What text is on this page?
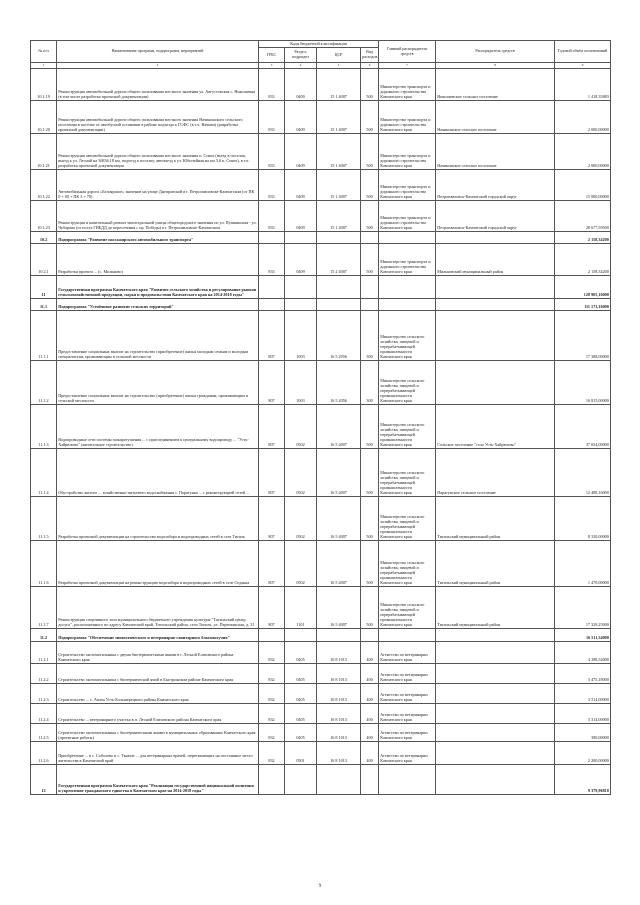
№ п/п	Наименование программ, подпрограмм, мероприятий	Коды бюджетной классификации				Главный распорядитель средств	Распорядитель средств	Годовой объём ассигнований
		ГРБС	Раздел, подраздел	ЦСР	Вид расходов			
1	2	3	4	5	6	7	8	9
10.1.19	Реконструкция автомобильной дороги общего пользования местного значения ул. Августовская с. Николаевка (в том числе разработка проектной документации)	833	0409	15 1 4007	500	Министерство транспорта и дорожного строительства Камчатского края	Николаевское сельское поселение	1 418,35883
10.1.20	Реконструкция автомобильной дороги общего пользования местного значения Начикинского сельского поселения в посёлке от автобусной остановки в районе подъезда к ГСФС (в т.ч. Начики) (разработка проектной документации)	833	0409	15 1 4007	500	Министерство транспорта и дорожного строительства Камчатского края	Начикинское сельское поселение	2 000,00000
10.1.21	Реконструкция автомобильной дороги общего пользования местного значения п. Сокоч (въезд в поселок, выезд к ул. Лесной на 36836,18 км, подъезд к поселку, автозаезд к ул. Юбилейная на км 3,6 п. Сокоч), в т.ч. разработка проектной документации	833	0409	15 1 4007	500	Министерство транспорта и дорожного строительства Камчатского края	Начикинское сельское поселение	2 000,00000
10.1.22	Автомобильная дорога «Белоярское» значение на улице Днепровской в г. Петропавловске-Камчатском (от ПК 0 + 00 + ПК 3 + 70)	833	0409	15 1 4007	500	Министерство транспорта и дорожного строительства Камчатского края	Петропавловск-Камчатский городской округ	15 000,00000
10.1.23	Реконструкция и капитальный ремонт магистральной улицы общегородского значения по ул. Пушкинская - ул. Чубарова (от поста ГИБДД до пересечения с пр. Победы) в г. Петропавловске-Камчатском	833	0409	15 1 4007	500	Министерство транспорта и дорожного строительства Камчатского края	Петропавловск-Камчатский городской округ	28 677,59500
10.2	Подпрограмма "Развитие пассажирского автомобильного транспорта"							2 158,34200
10.2.1	Разработка проекта ... (с. Мильково)	833	0409	15 2 4007	500	Министерство транспорта и дорожного строительства Камчатского края	Мильковский муниципальный район	2 158,34200
11	Государственная программа Камчатского края "Развитие сельского хозяйства и регулирование рынков сельскохозяйственной продукции, сырья и продовольствия Камчатского края на 2014-2018 годы"							128 905,16000
11.1	Подпрограмма "Устойчивое развитие сельских территорий"							111 173,16000
11.1.1	Предоставление социальных выплат на строительство (приобретение) жилья молодым семьям и молодым специалистам, проживающим в сельской местности	807	1003	16 5 2056	300	Министерство сельского хозяйства, пищевой и перерабатывающей промышленности Камчатского края		17 388,00000
11.1.2	Предоставление социальных выплат на строительство (приобретение) жилья гражданам, проживающим в сельской местности	807	1003	16 5 2056	300	Министерство сельского хозяйства, пищевой и перерабатывающей промышленности Камчатского края		16 815,00000
11.1.3	Водопроводные сети системы пожаротушения ... с присоединением к центральному водопроводу ... "Усть-Хайрюзово" (капитальное строительство)	807	0502	16 5 4007	500	Министерство сельского хозяйства, пищевой и перерабатывающей промышленности Камчатского края	Сельское поселение "село Усть-Хайрюзово"	37 654,00000
11.1.4	Обустройство жилого ... хозяйственно-питьевого водоснабжения с. Паратунка ... с реконструкцией сетей ...	807	0502	16 5 4007	500	Министерство сельского хозяйства, пищевой и перерабатывающей промышленности Камчатского края	Паратунское сельское поселение	12 488,16000
11.1.5	Разработка проектной документации на строительство водозабора и водопроводных сетей в селе Тигиль	807	0502	16 5 4007	500	Министерство сельского хозяйства, пищевой и перерабатывающей промышленности Камчатского края	Тигильский муниципальный район	8 330,00000
11.1.6	Разработка проектной документации на реконструкцию водозабора и водопроводных сетей в селе Седанка	807	0502	16 5 4007	500	Министерство сельского хозяйства, пищевой и перерабатывающей промышленности Камчатского края	Тигильский муниципальный район	1 470,00000
11.1.7	Реконструкция спортивного зала муниципального бюджетного учреждения культуры "Тигильский центр досуга", расположенного по адресу Камчатский край, Тигильский район, село Тигиль, ул. Партизанская, д. 31	807	1101	16 5 4007	500	Министерство сельского хозяйства, пищевой и перерабатывающей промышленности Камчатского края	Тигильский муниципальный район	17 329,25000
11.2	Подпрограмма "Обеспечение эпизоотического и ветеринарно-санитарного благополучия"							16 511,34000
11.2.1	Строительство скотомогильника с двумя биотермическими ямами в г. Лесной Елизовского района Камчатского края	832	0405	16 8 1013	400	Агентство по ветеринарии Камчатского края		4 398,54000
11.2.2	Строительство скотомогильника с биотермической ямой в Быстринском районе Камчатского края	832	0405	16 8 1013	400	Агентство по ветеринарии Камчатского края		3 475,18000
11.2.3	Строительство ... с. Апача Усть-Большерецкого района Камчатского края	832	0405	16 8 1013	400	Агентство по ветеринарии Камчатского края		3 514,00000
11.2.4	Строительство ... ветеринарного участка в п. Лесной Елизовского района Камчатского края	832	0405	16 8 1013	400	Агентство по ветеринарии Камчатского края		3 314,00000
11.2.5	Строительство скотомогильника с биотермическими ямами в муниципальных образованиях Камчатского края (проектные работы)	832	0405	16 8 1013	400	Агентство по ветеринарии Камчатского края		390,00000
11.2.6	Приобретение ... в с. Соболево и с. Тымлат ... для ветеринарных врачей, переезжающих на постоянное место жительства в Камчатский край	832	0501	16 8 1013	400	Агентство по ветеринарии Камчатского края		2 200,00000
12	Государственная программа Камчатского края "Реализация государственной национальной политики и укрепление гражданского единства в Камчатском крае на 2014-2018 годы"							9 379,96818
9
